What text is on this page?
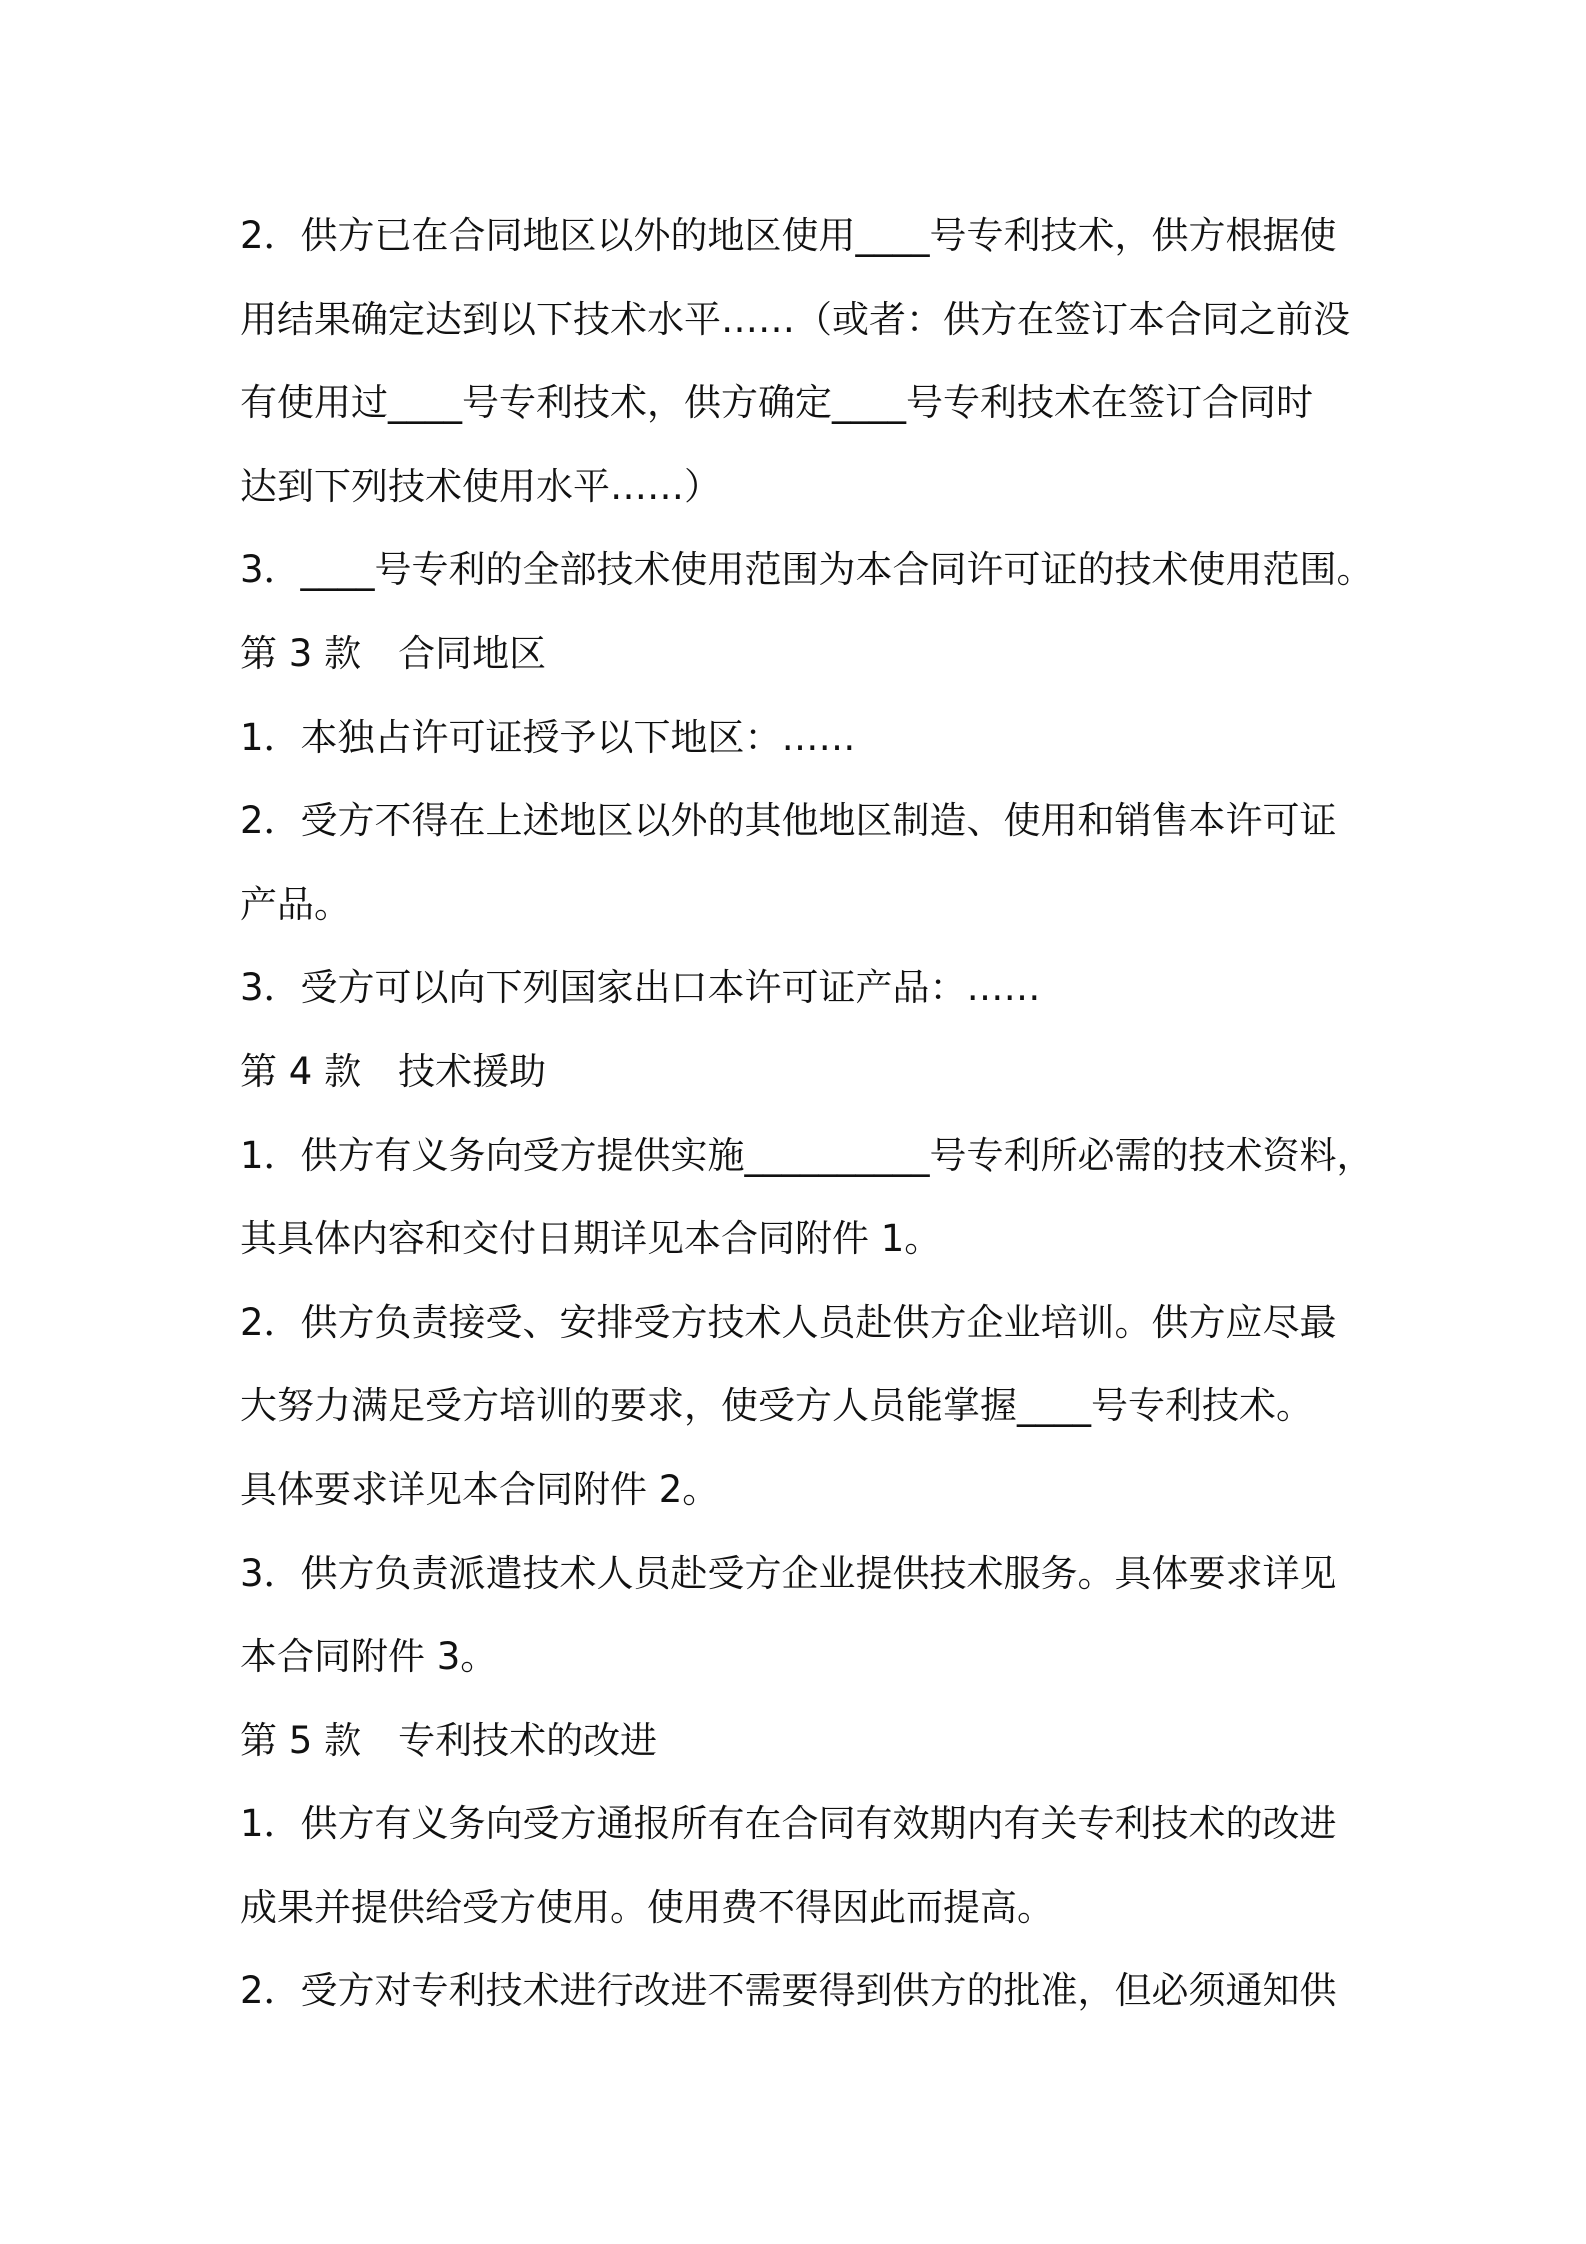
2．供方已在合同地区以外的地区使用____号专利技术，供方根据使

用结果确定达到以下技术水平……（或者：供方在签订本合同之前没

有使用过____号专利技术，供方确定____号专利技术在签订合同时

达到下列技术使用水平……）

3．____号专利的全部技术使用范围为本合同许可证的技术使用范围。

第 3 款　合同地区

1．本独占许可证授予以下地区：……

2．受方不得在上述地区以外的其他地区制造、使用和销售本许可证

产品。

3．受方可以向下列国家出口本许可证产品：……

第 4 款　技术援助

1．供方有义务向受方提供实施__________号专利所必需的技术资料，

其具体内容和交付日期详见本合同附件 1。

2．供方负责接受、安排受方技术人员赴供方企业培训。供方应尽最

大努力满足受方培训的要求，使受方人员能掌握____号专利技术。

具体要求详见本合同附件 2。

3．供方负责派遣技术人员赴受方企业提供技术服务。具体要求详见

本合同附件 3。

第 5 款　专利技术的改进

1．供方有义务向受方通报所有在合同有效期内有关专利技术的改进

成果并提供给受方使用。使用费不得因此而提高。

2．受方对专利技术进行改进不需要得到供方的批准，但必须通知供
